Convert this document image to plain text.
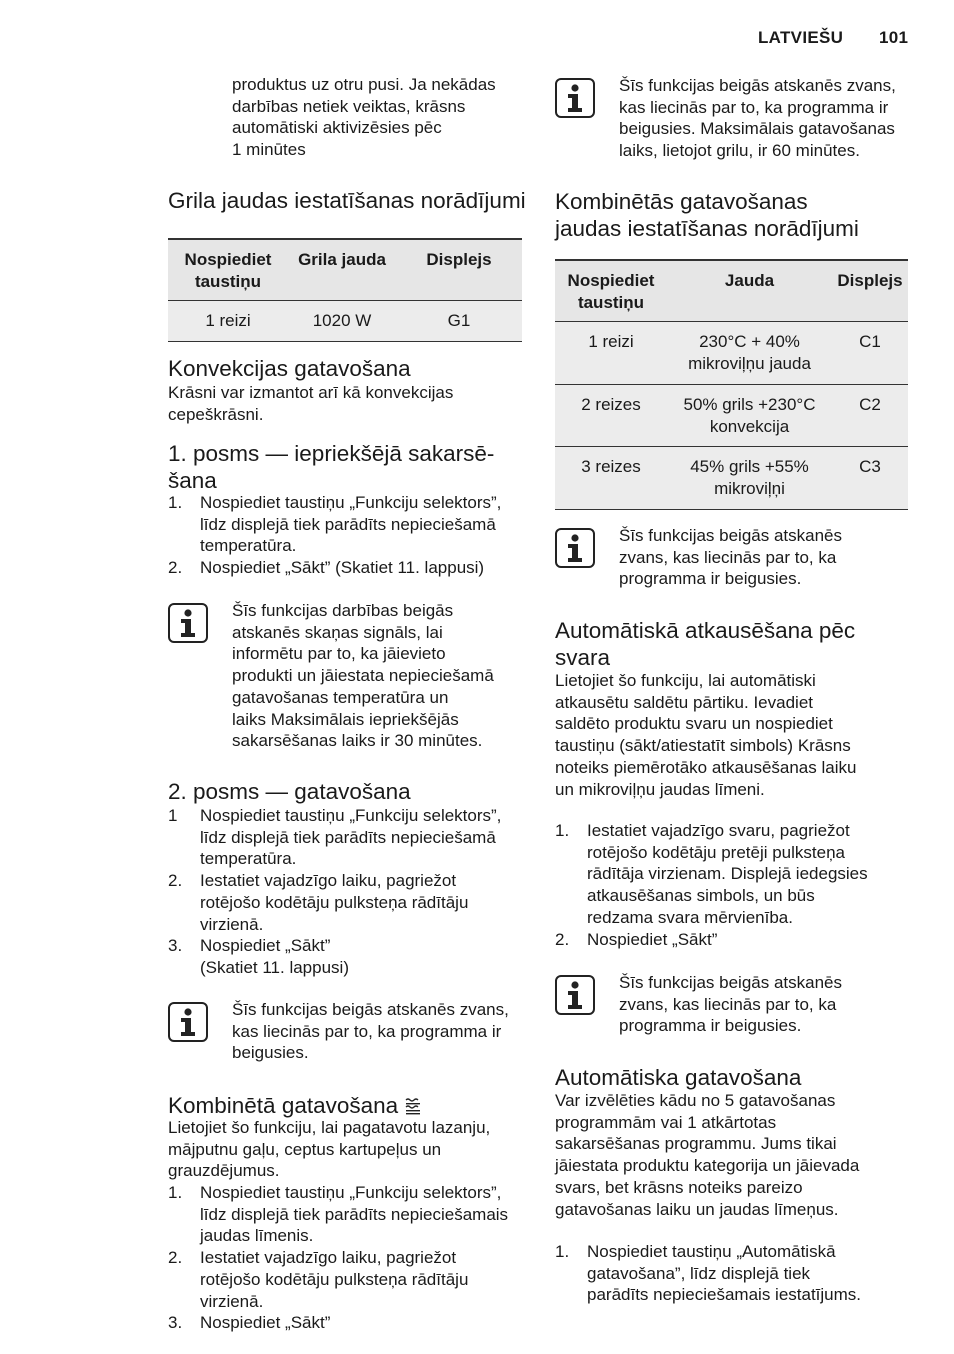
LATVIEŠU 101
produktus uz otru pusi. Ja nekādas
darbības netiek veiktas, krāsns
automātiski aktivizēsies pēc
1 minūtes
Grila jaudas iestatīšanas norādījumi
Nospiediet
taustiņu	Grila jauda	Displejs

1 reizi	1020 W	G1
Konvekcijas gatavošana
Krāsni var izmantot arī kā konvekcijas
cepeškrāsni.
1. posms — iepriekšējā sakarsē-
šana
1. Nospiediet taustiņu „Funkciju selektors”,
līdz displejā tiek parādīts nepieciešamā
temperatūra.
2. Nospiediet „Sākt” (Skatiet 11. lappusi)
Šīs funkcijas darbības beigās
atskanēs skaņas signāls, lai
informētu par to, ka jāievieto
produkti un jāiestata nepieciešamā
gatavošanas temperatūra un
laiks Maksimālais iepriekšējās
sakarsēšanas laiks ir 30 minūtes.
2. posms — gatavošana
1 Nospiediet taustiņu „Funkciju selektors”,
līdz displejā tiek parādīts nepieciešamā
temperatūra.
2. Iestatiet vajadzīgo laiku, pagriežot
rotējošo kodētāju pulksteņa rādītāju
virzienā.
3. Nospiediet „Sākt”
(Skatiet 11. lappusi)
Šīs funkcijas beigās atskanēs zvans,
kas liecinās par to, ka programma ir
beigusies.
Kombinētā gatavošana
Lietojiet šo funkciju, lai pagatavotu lazanju,
mājputnu gaļu, ceptus kartupeļus un
grauzdējumus.
1. Nospiediet taustiņu „Funkciju selektors”,
līdz displejā tiek parādīts nepieciešamais
jaudas līmenis.
2. Iestatiet vajadzīgo laiku, pagriežot
rotējošo kodētāju pulksteņa rādītāju
virzienā.
3. Nospiediet „Sākt”
Šīs funkcijas beigās atskanēs zvans,
kas liecinās par to, ka programma ir
beigusies. Maksimālais gatavošanas
laiks, lietojot grilu, ir 60 minūtes.
Kombinētās gatavošanas
jaudas iestatīšanas norādījumi
Nospiediet
taustiņu	Jauda	Displejs

1 reizi	230°C + 40%
mikroviļņu jauda	C1

2 reizes	50% grils +230°C
konvekcija	C2

3 reizes	45% grils +55%
mikroviļņi	C3
Šīs funkcijas beigās atskanēs
zvans, kas liecinās par to, ka
programma ir beigusies.
Automātiskā atkausēšana pēc
svara
Lietojiet šo funkciju, lai automātiski
atkausētu saldētu pārtiku. Ievadiet
saldēto produktu svaru un nospiediet
taustiņu (sākt/atiestatīt simbols) Krāsns
noteiks piemērotāko atkausēšanas laiku
un mikroviļņu jaudas līmeni.
1. Iestatiet vajadzīgo svaru, pagriežot
rotējošo kodētāju pretēji pulksteņa
rādītāja virzienam. Displejā iedegsies
atkausēšanas simbols, un būs
redzama svara mērvienība.
2. Nospiediet „Sākt”
Šīs funkcijas beigās atskanēs
zvans, kas liecinās par to, ka
programma ir beigusies.
Automātiska gatavošana
Var izvēlēties kādu no 5 gatavošanas
programmām vai 1 atkārtotas
sakarsēšanas programmu. Jums tikai
jāiestata produktu kategorija un jāievada
svars, bet krāsns noteiks pareizo
gatavošanas laiku un jaudas līmeņus.
1. Nospiediet taustiņu „Automātiskā
gatavošana”, līdz displejā tiek
parādīts nepieciešamais iestatījums.
